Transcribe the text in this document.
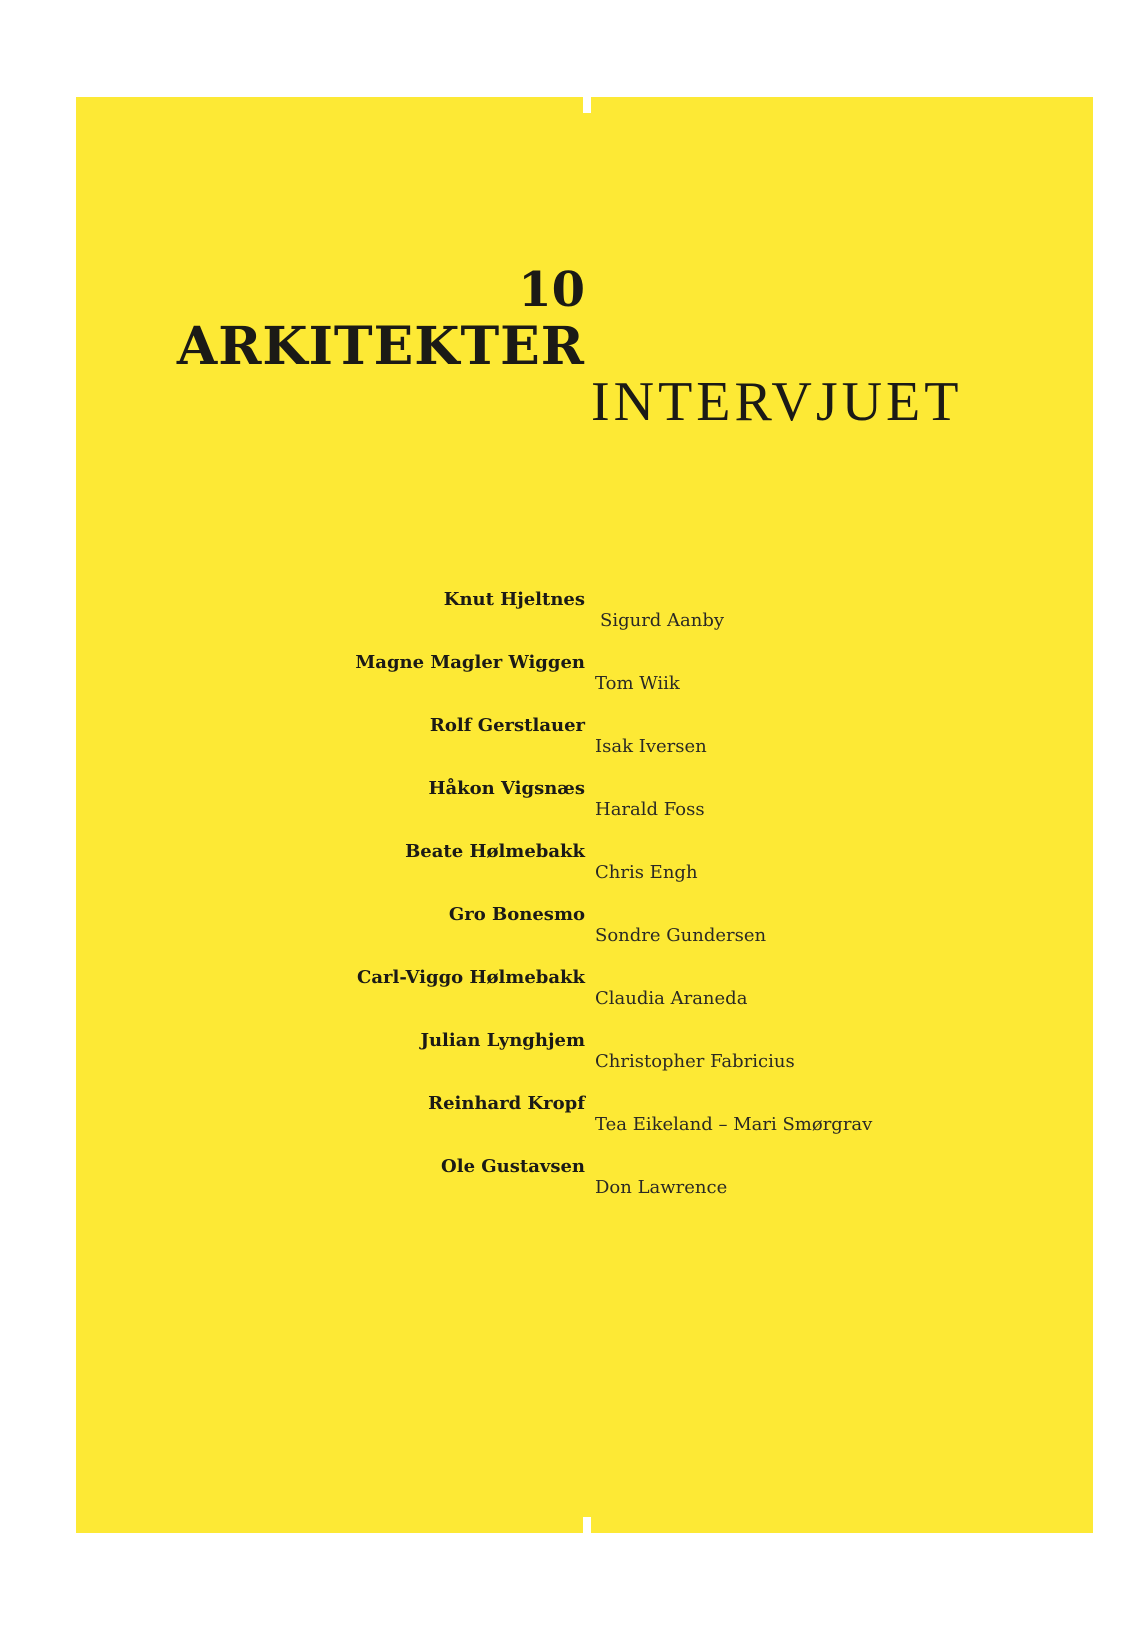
10
ARKITEKTER
INTERVJUET
Knut Hjeltnes
Sigurd Aanby
Magne Magler Wiggen
Tom Wiik
Rolf Gerstlauer
Isak Iversen
Håkon Vigsnæs
Harald Foss
Beate Hølmebakk
Chris Engh
Gro Bonesmo
Sondre Gundersen
Carl-Viggo Hølmebakk
Claudia Araneda
Julian Lynghjem
Christopher Fabricius
Reinhard Kropf
Tea Eikeland – Mari Smørgrav
Ole Gustavsen
Don Lawrence
